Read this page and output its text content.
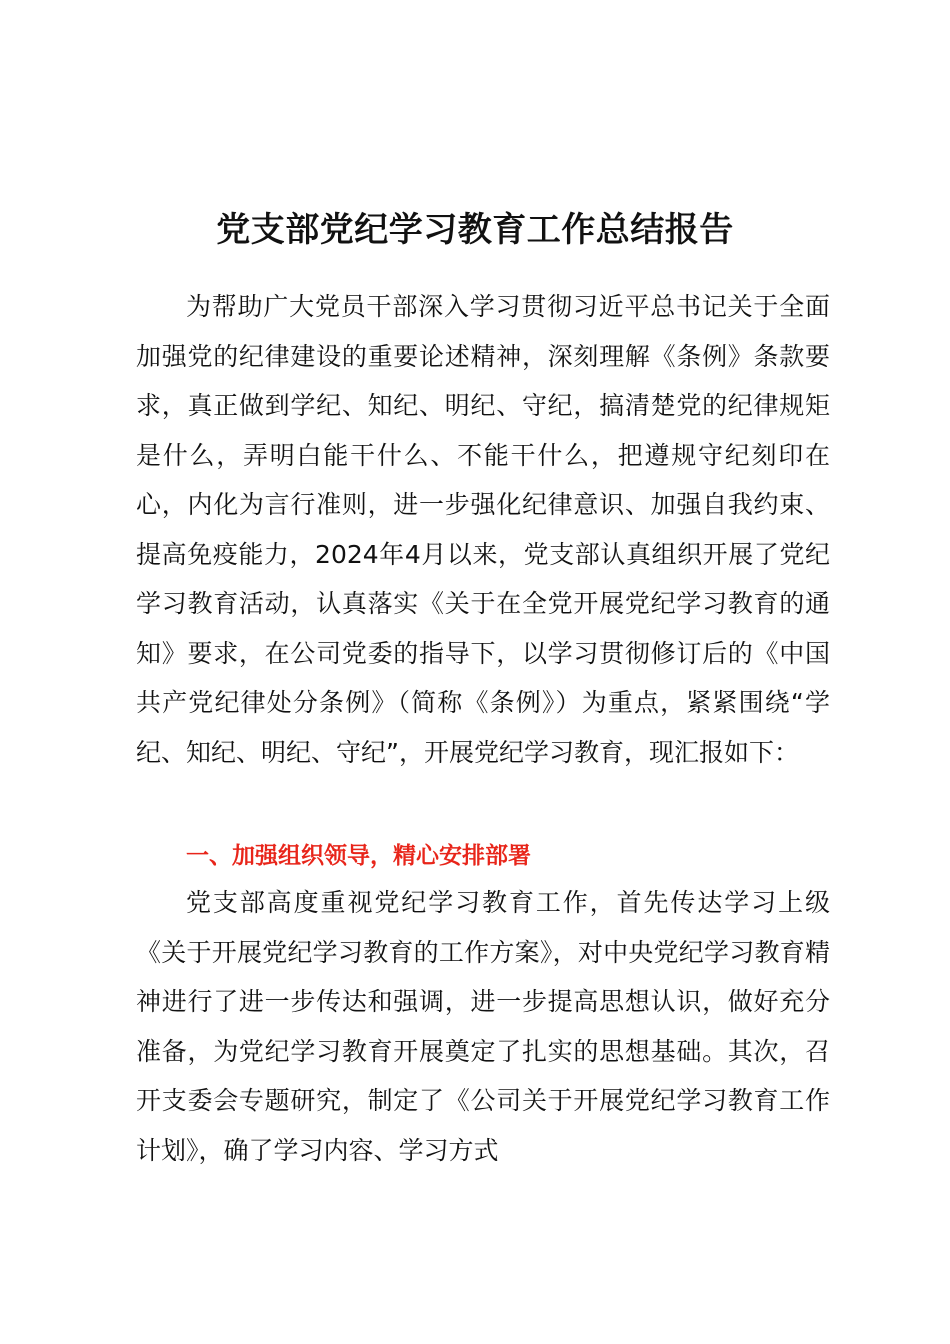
党支部党纪学习教育工作总结报告

为帮助广大党员干部深入学习贯彻习近平总书记关于全面加强党的纪律建设的重要论述精神，深刻理解《条例》条款要求，真正做到学纪、知纪、明纪、守纪，搞清楚党的纪律规矩是什么，弄明白能干什么、不能干什么，把遵规守纪刻印在心，内化为言行准则，进一步强化纪律意识、加强自我约束、提高免疫能力，2024年4月以来，党支部认真组织开展了党纪学习教育活动，认真落实《关于在全党开展党纪学习教育的通知》要求，在公司党委的指导下，以学习贯彻修订后的《中国共产党纪律处分条例》（简称《条例》）为重点，紧紧围绕“学纪、知纪、明纪、守纪”，开展党纪学习教育，现汇报如下：

一、加强组织领导，精心安排部署

党支部高度重视党纪学习教育工作，首先传达学习上级《关于开展党纪学习教育的工作方案》，对中央党纪学习教育精神进行了进一步传达和强调，进一步提高思想认识，做好充分准备，为党纪学习教育开展奠定了扎实的思想基础。其次，召开支委会专题研究，制定了《公司关于开展党纪学习教育工作计划》，确了学习内容、学习方式
